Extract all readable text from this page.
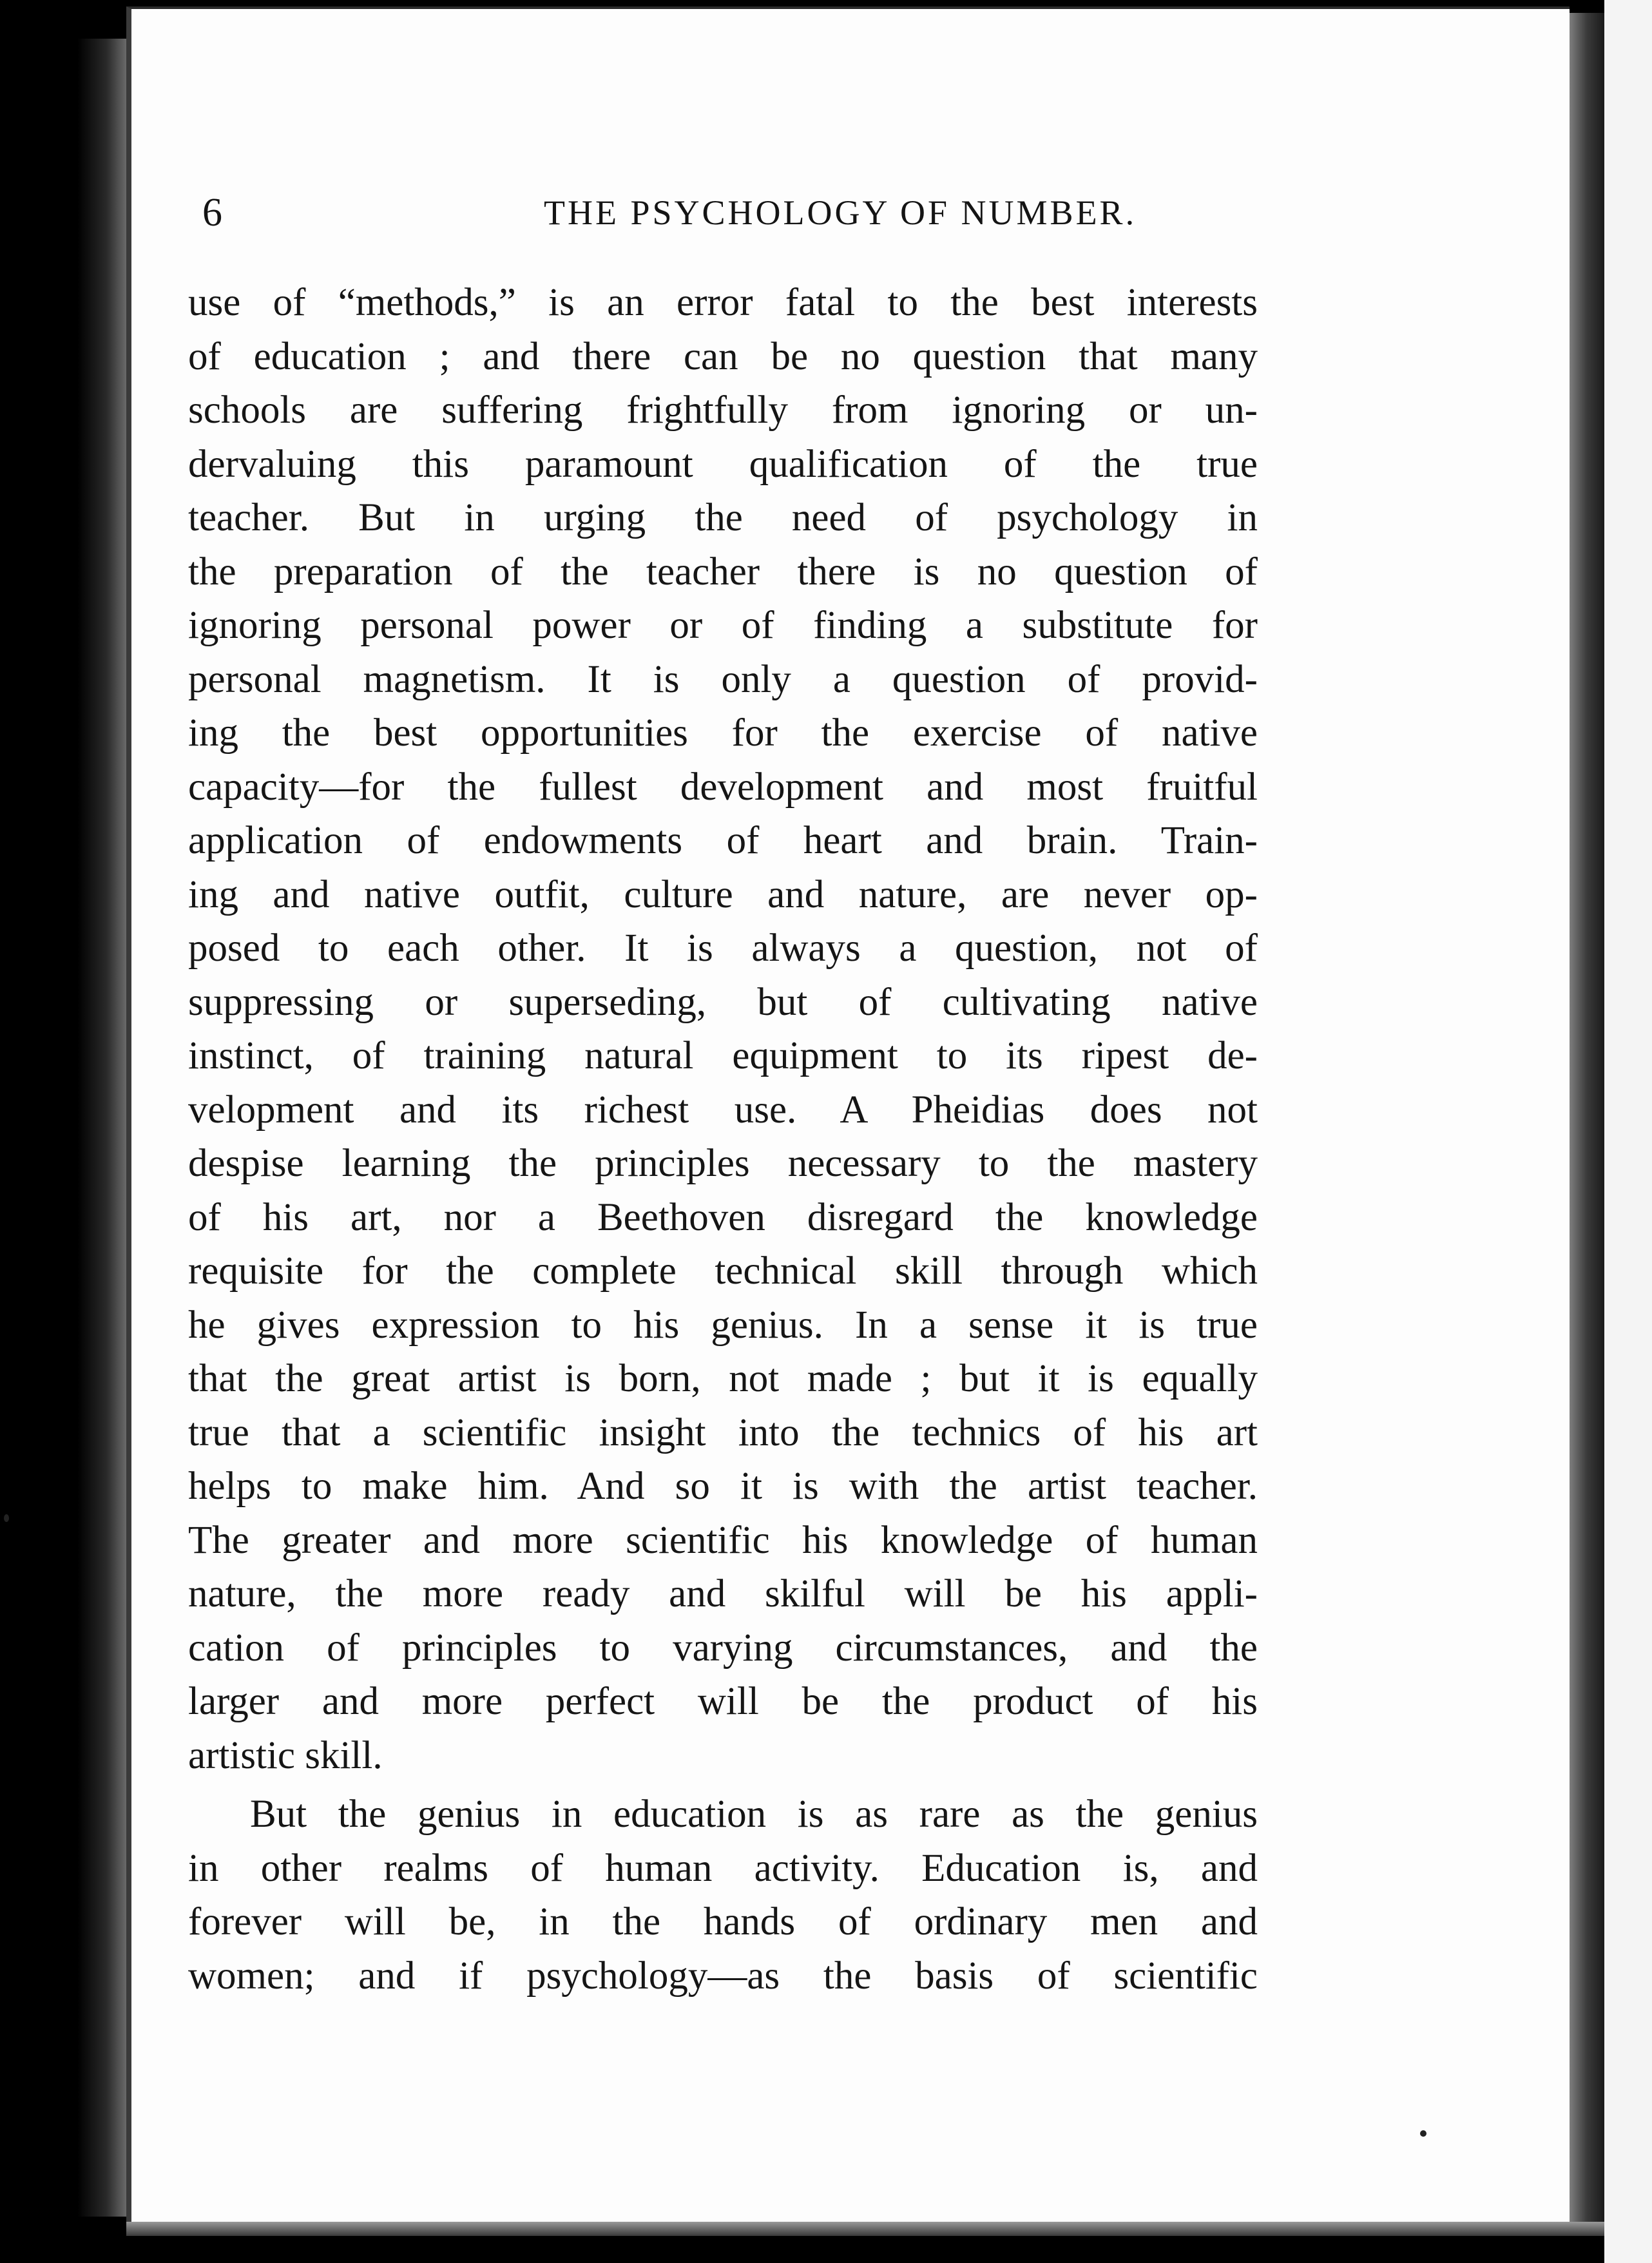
6	THE PSYCHOLOGY OF NUMBER.
use of “methods,” is an error fatal to the best interests
of education ; and there can be no question that many
schools are suffering frightfully from ignoring or un-
dervaluing this paramount qualification of the true
teacher. But in urging the need of psychology in
the preparation of the teacher there is no question of
ignoring personal power or of finding a substitute for
personal magnetism. It is only a question of provid-
ing the best opportunities for the exercise of native
capacity—for the fullest development and most fruitful
application of endowments of heart and brain. Train-
ing and native outfit, culture and nature, are never op-
posed to each other. It is always a question, not of
suppressing or superseding, but of cultivating native
instinct, of training natural equipment to its ripest de-
velopment and its richest use. A Pheidias does not
despise learning the principles necessary to the mastery
of his art, nor a Beethoven disregard the knowledge
requisite for the complete technical skill through which
he gives expression to his genius. In a sense it is true
that the great artist is born, not made ; but it is equally
true that a scientific insight into the technics of his art
helps to make him. And so it is with the artist teacher.
The greater and more scientific his knowledge of human
nature, the more ready and skilful will be his appli-
cation of principles to varying circumstances, and the
larger and more perfect will be the product of his
artistic skill.
But the genius in education is as rare as the genius
in other realms of human activity. Education is, and
forever will be, in the hands of ordinary men and
women; and if psychology—as the basis of scientific
